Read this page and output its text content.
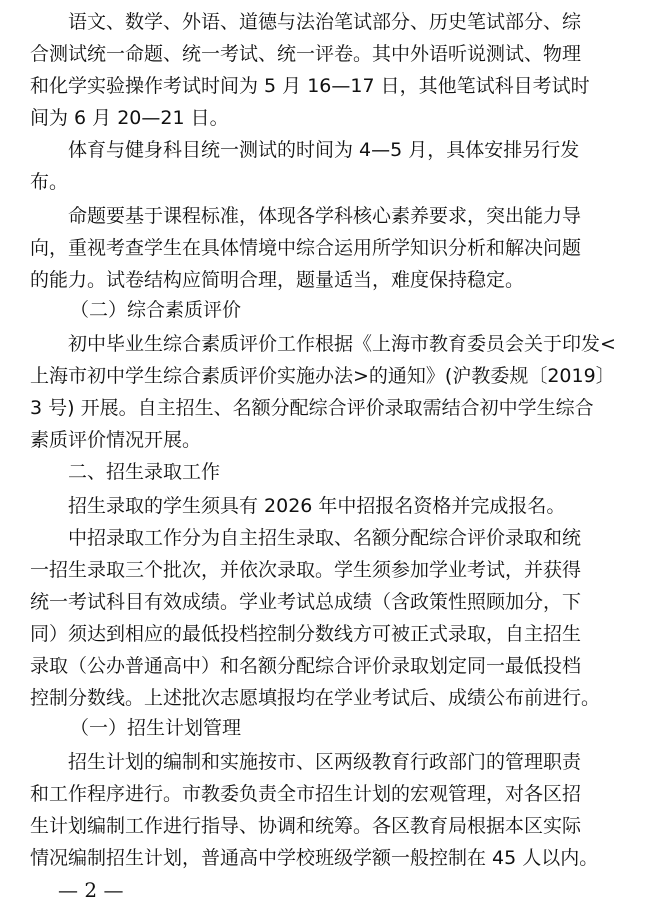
语文、数学、外语、道德与法治笔试部分、历史笔试部分、综
合测试统一命题、统一考试、统一评卷。其中外语听说测试、物理
和化学实验操作考试时间为 5 月 16—17 日，其他笔试科目考试时
间为 6 月 20—21 日。
体育与健身科目统一测试的时间为 4—5 月，具体安排另行发
布。
命题要基于课程标准，体现各学科核心素养要求，突出能力导
向，重视考查学生在具体情境中综合运用所学知识分析和解决问题
的能力。试卷结构应简明合理，题量适当，难度保持稳定。
（二）综合素质评价
初中毕业生综合素质评价工作根据《上海市教育委员会关于印发<
上海市初中学生综合素质评价实施办法>的通知》(沪教委规〔2019〕
3 号) 开展。自主招生、名额分配综合评价录取需结合初中学生综合
素质评价情况开展。
二、招生录取工作
招生录取的学生须具有 2026 年中招报名资格并完成报名。
中招录取工作分为自主招生录取、名额分配综合评价录取和统
一招生录取三个批次，并依次录取。学生须参加学业考试，并获得
统一考试科目有效成绩。学业考试总成绩（含政策性照顾加分，下
同）须达到相应的最低投档控制分数线方可被正式录取，自主招生
录取（公办普通高中）和名额分配综合评价录取划定同一最低投档
控制分数线。上述批次志愿填报均在学业考试后、成绩公布前进行。
（一）招生计划管理
招生计划的编制和实施按市、区两级教育行政部门的管理职责
和工作程序进行。市教委负责全市招生计划的宏观管理，对各区招
生计划编制工作进行指导、协调和统筹。各区教育局根据本区实际
情况编制招生计划，普通高中学校班级学额一般控制在 45 人以内。
— 2 —
